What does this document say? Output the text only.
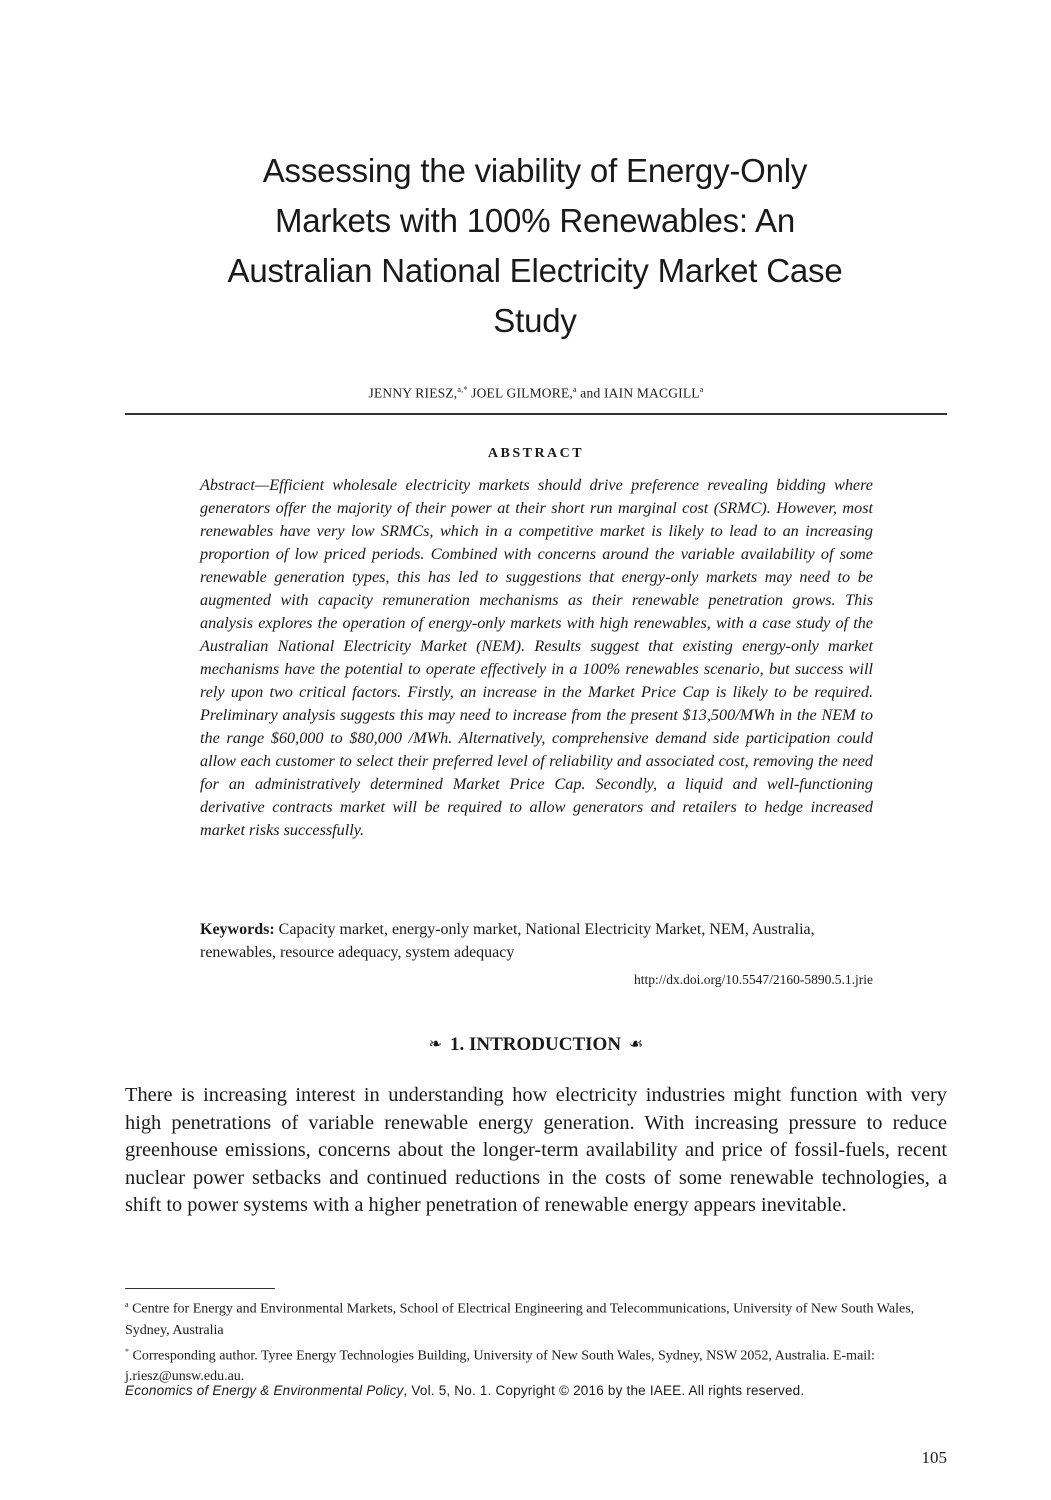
Assessing the viability of Energy-Only
Markets with 100% Renewables: An
Australian National Electricity Market Case
Study
JENNY RIESZ,$^{a,*}$ JOEL GILMORE,$^a$ and IAIN MACGILL$^a$
ABSTRACT

Abstract—Efficient wholesale electricity markets should drive preference revealing bidding where generators offer the majority of their power at their short run marginal cost (SRMC). However, most renewables have very low SRMCs, which in a competitive market is likely to lead to an increasing proportion of low priced periods. Combined with concerns around the variable availability of some renewable generation types, this has led to suggestions that energy-only markets may need to be augmented with capacity remuneration mechanisms as their renewable penetration grows. This analysis explores the operation of energy-only markets with high renewables, with a case study of the Australian National Electricity Market (NEM). Results suggest that existing energy-only market mechanisms have the potential to operate effectively in a 100% renewables scenario, but success will rely upon two critical factors. Firstly, an increase in the Market Price Cap is likely to be required. Preliminary analysis suggests this may need to increase from the present $13,500/MWh in the NEM to the range $60,000 to $80,000 /MWh. Alternatively, comprehensive demand side participation could allow each customer to select their preferred level of reliability and associated cost, removing the need for an administratively determined Market Price Cap. Secondly, a liquid and well-functioning derivative contracts market will be required to allow generators and retailers to hedge increased market risks successfully.

Keywords: Capacity market, energy-only market, National Electricity Market, NEM, Australia, renewables, resource adequacy, system adequacy

http://dx.doi.org/10.5547/2160-5890.5.1.jrie
❧ 1. INTRODUCTION ☙

There is increasing interest in understanding how electricity industries might function with very high penetrations of variable renewable energy generation. With increasing pressure to reduce greenhouse emissions, concerns about the longer-term availability and price of fossil-fuels, recent nuclear power setbacks and continued reductions in the costs of some renewable technologies, a shift to power systems with a higher penetration of renewable energy appears inevitable.

$^a$ Centre for Energy and Environmental Markets, School of Electrical Engineering and Telecommunications, University of New South Wales, Sydney, Australia

* Corresponding author. Tyree Energy Technologies Building, University of New South Wales, Sydney, NSW 2052, Australia. E-mail: j.riesz@unsw.edu.au.

Economics of Energy & Environmental Policy, Vol. 5, No. 1. Copyright © 2016 by the IAEE. All rights reserved.
105
